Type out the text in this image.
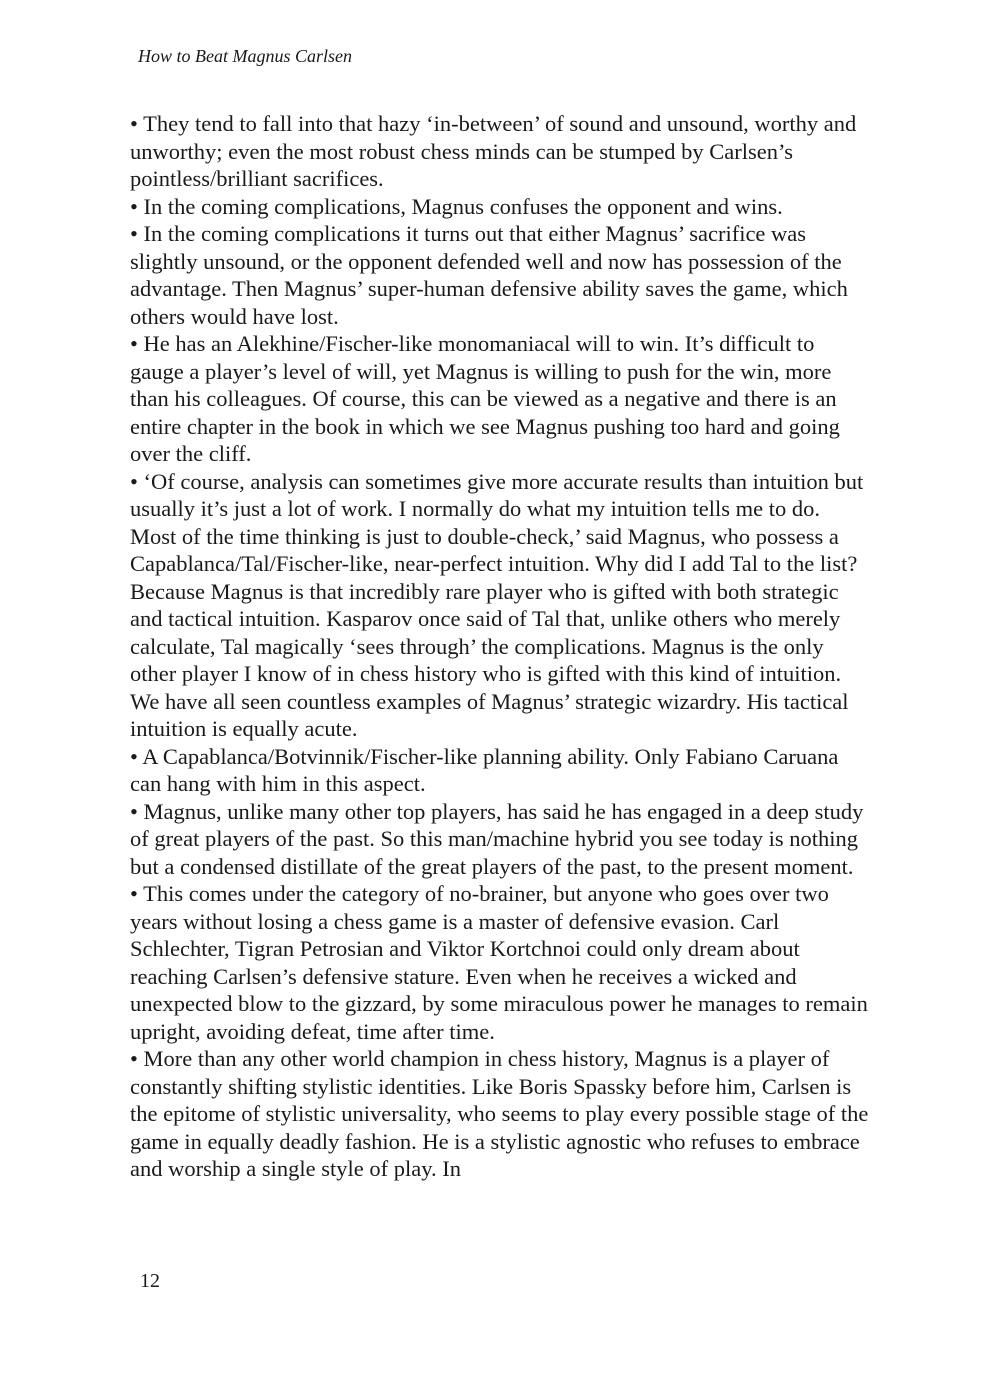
How to Beat Magnus Carlsen

• They tend to fall into that hazy ‘in-between’ of sound and unsound, worthy and unworthy; even the most robust chess minds can be stumped by Carlsen’s pointless/brilliant sacrifices.

• In the coming complications, Magnus confuses the opponent and wins.

• In the coming complications it turns out that either Magnus’ sacrifice was slightly unsound, or the opponent defended well and now has possession of the advantage. Then Magnus’ super-human defensive ability saves the game, which others would have lost.

• He has an Alekhine/Fischer-like monomaniacal will to win. It’s difficult to gauge a player’s level of will, yet Magnus is willing to push for the win, more than his colleagues. Of course, this can be viewed as a negative and there is an entire chapter in the book in which we see Magnus pushing too hard and going over the cliff.

• ‘Of course, analysis can sometimes give more accurate results than intuition but usually it’s just a lot of work. I normally do what my intuition tells me to do. Most of the time thinking is just to double-check,’ said Magnus, who possess a Capablanca/Tal/Fischer-like, near-perfect intuition. Why did I add Tal to the list? Because Magnus is that incredibly rare player who is gifted with both strategic and tactical intuition. Kasparov once said of Tal that, unlike others who merely calculate, Tal magically ‘sees through’ the complications. Magnus is the only other player I know of in chess history who is gifted with this kind of intuition. We have all seen countless examples of Magnus’ strategic wizardry. His tactical intuition is equally acute.

• A Capablanca/Botvinnik/Fischer-like planning ability. Only Fabiano Caruana can hang with him in this aspect.

• Magnus, unlike many other top players, has said he has engaged in a deep study of great players of the past. So this man/machine hybrid you see today is nothing but a condensed distillate of the great players of the past, to the present moment.

• This comes under the category of no-brainer, but anyone who goes over two years without losing a chess game is a master of defensive evasion. Carl Schlechter, Tigran Petrosian and Viktor Kortchnoi could only dream about reaching Carlsen’s defensive stature. Even when he receives a wicked and unexpected blow to the gizzard, by some miraculous power he manages to remain upright, avoiding defeat, time after time.

• More than any other world champion in chess history, Magnus is a player of constantly shifting stylistic identities. Like Boris Spassky before him, Carlsen is the epitome of stylistic universality, who seems to play every possible stage of the game in equally deadly fashion. He is a stylistic agnostic who refuses to embrace and worship a single style of play. In

12
